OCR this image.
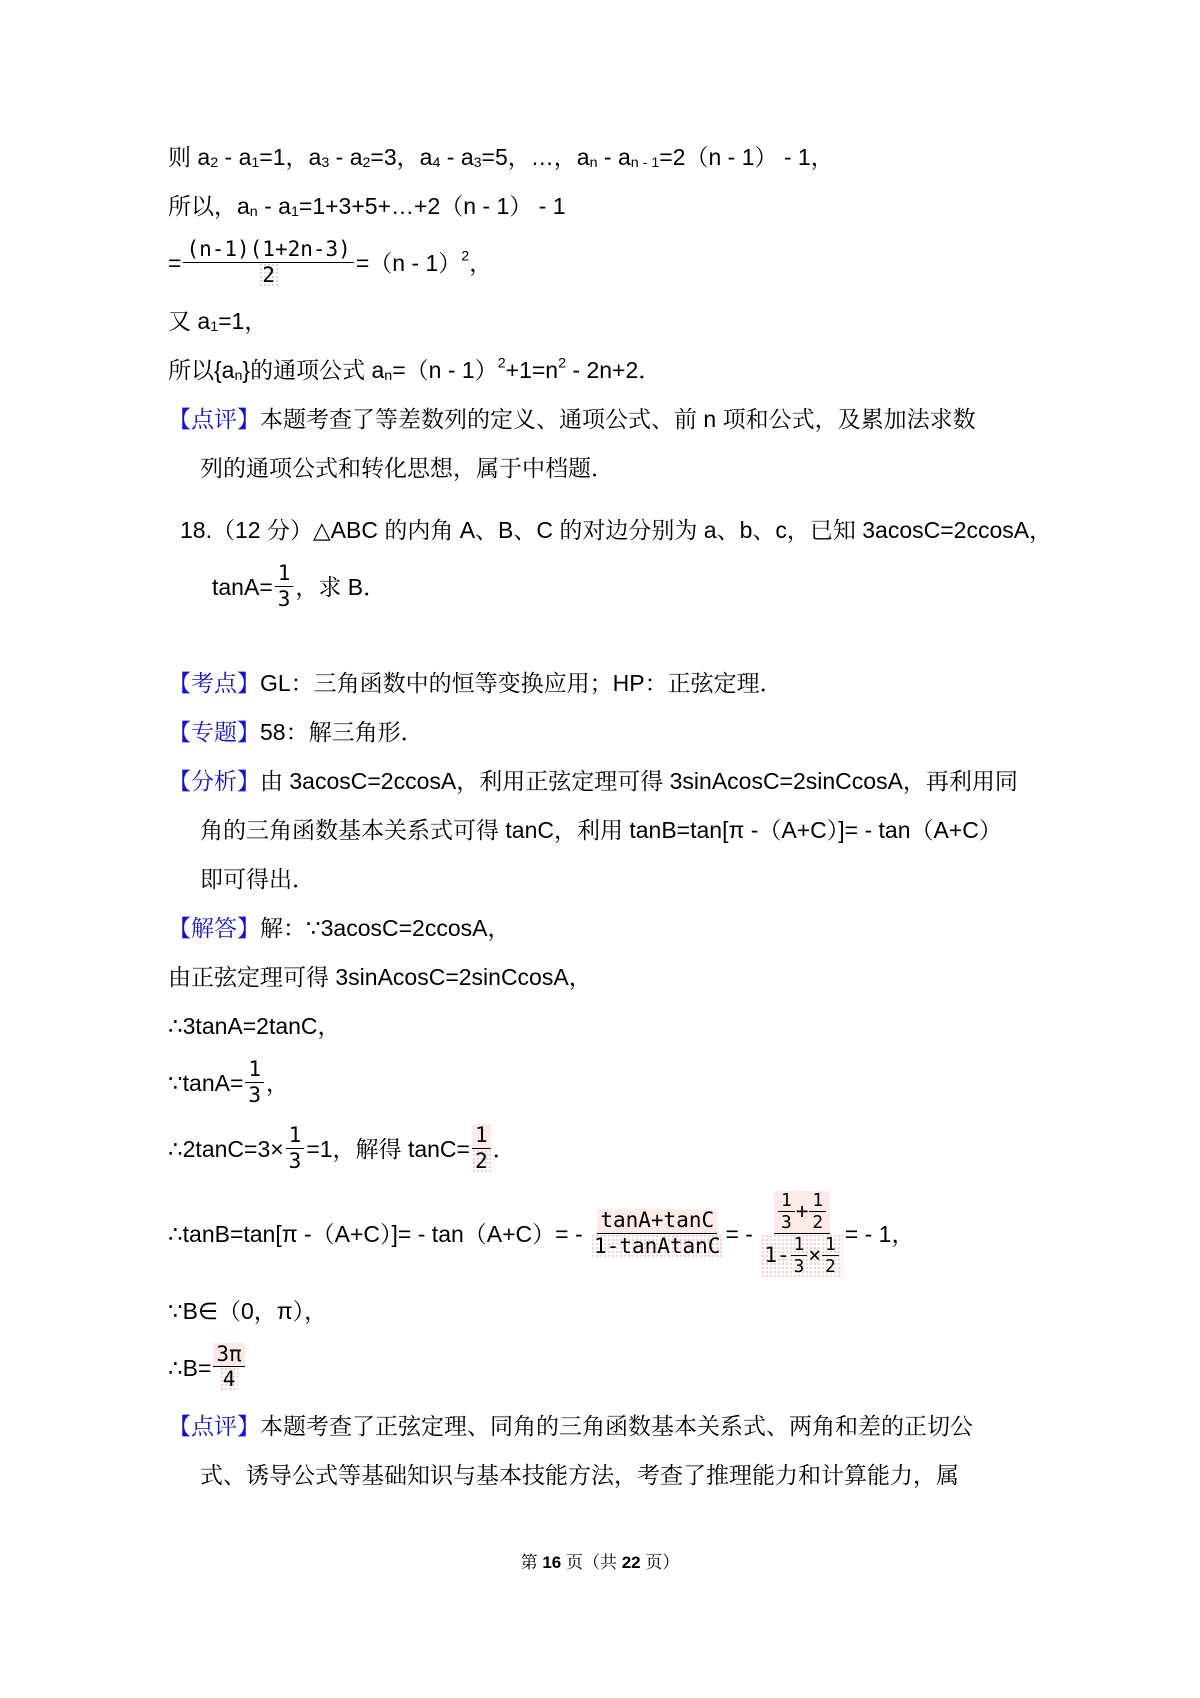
则 $a_2 - a_1=1$，$a_3 - a_2=3$，$a_4 - a_3=5$，…，$a_n - a_{n - 1}=2(n - 1) - 1$，
所以，$a_n$ - $a_1=1+3+5+\dots+2(n - 1) - 1$
= $\frac{(n-1)(1+2n-3)}{2} =(n - 1)^2$，
又 $a_1=1$，
所以$\{a_n\}$的通项公式 $a_n=(n - 1)^2+1=n^2 - 2n+2$．
【点评】本题考查了等差数列的定义、通项公式、前 n 项和公式，及累加法求数
列的通项公式和转化思想，属于中档题．
18.（12 分）△ABC 的内角 A、B、C 的对边分别为 a、b、c，已知 3acosC=2ccosA，
$\tan A= \frac{1}{3}$ ，求 B．
【考点】GL：三角函数中的恒等变换应用；HP：正弦定理．
【专题】58：解三角形．
【分析】由 3acosC=2ccosA，利用正弦定理可得 3sinAcosC=2sinCcosA，再利用同
角的三角函数基本关系式可得 tanC，利用 tanB=tan[π -（A+C）]= - tan（A+C）
即可得出．
【解答】解：∵3acosC=2ccosA，
由正弦定理可得 3sinAcosC=2sinCcosA，
∴3tanA=2tanC，
∵tanA= $\frac{1}{3}$ ，
∴2tanC=3× $\frac{1}{3} =1$，解得 $\tan C= \frac{1}{2}$ ．
∴tanB=tan[π $-(A+C)]= - \tan(A+C)= - \frac{\tan A+\tan C}{\text{1-tanAtanC}}$ = - $\frac{\frac{1}{3} + \frac{1}{2}}{1- \frac{1}{3} \times \frac{1}{2}}$ = - 1，
∵B∈（0，π），
∴B= $\frac{3\pi}{4}$
【点评】本题考查了正弦定理、同角的三角函数基本关系式、两角和差的正切公
式、诱导公式等基础知识与基本技能方法，考查了推理能力和计算能力，属
第 16 页（共 22 页）
